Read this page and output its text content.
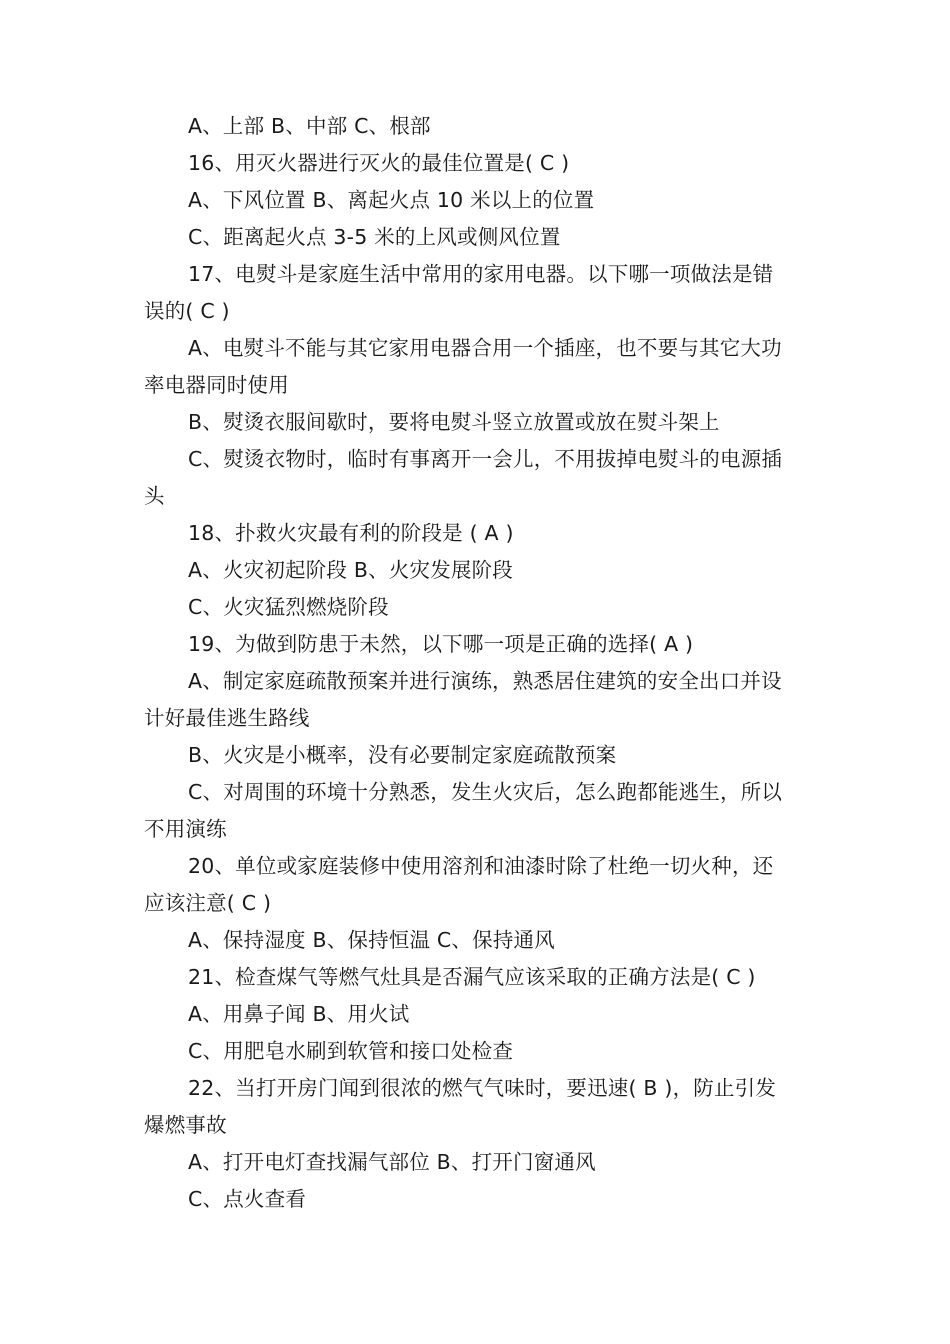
A、上部 B、中部 C、根部
16、用灭火器进行灭火的最佳位置是( C )
A、下风位置 B、离起火点 10 米以上的位置
C、距离起火点 3-5 米的上风或侧风位置
17、电熨斗是家庭生活中常用的家用电器。以下哪一项做法是错
误的( C )
A、电熨斗不能与其它家用电器合用一个插座，也不要与其它大功
率电器同时使用
B、熨烫衣服间歇时，要将电熨斗竖立放置或放在熨斗架上
C、熨烫衣物时，临时有事离开一会儿，不用拔掉电熨斗的电源插
头
18、扑救火灾最有利的阶段是 ( A )
A、火灾初起阶段 B、火灾发展阶段
C、火灾猛烈燃烧阶段
19、为做到防患于未然，以下哪一项是正确的选择( A )
A、制定家庭疏散预案并进行演练，熟悉居住建筑的安全出口并设
计好最佳逃生路线
B、火灾是小概率，没有必要制定家庭疏散预案
C、对周围的环境十分熟悉，发生火灾后，怎么跑都能逃生，所以
不用演练
20、单位或家庭装修中使用溶剂和油漆时除了杜绝一切火种，还
应该注意( C )
A、保持湿度 B、保持恒温 C、保持通风
21、检查煤气等燃气灶具是否漏气应该采取的正确方法是( C )
A、用鼻子闻 B、用火试
C、用肥皂水刷到软管和接口处检查
22、当打开房门闻到很浓的燃气气味时，要迅速( B )，防止引发
爆燃事故
A、打开电灯查找漏气部位 B、打开门窗通风
C、点火查看
